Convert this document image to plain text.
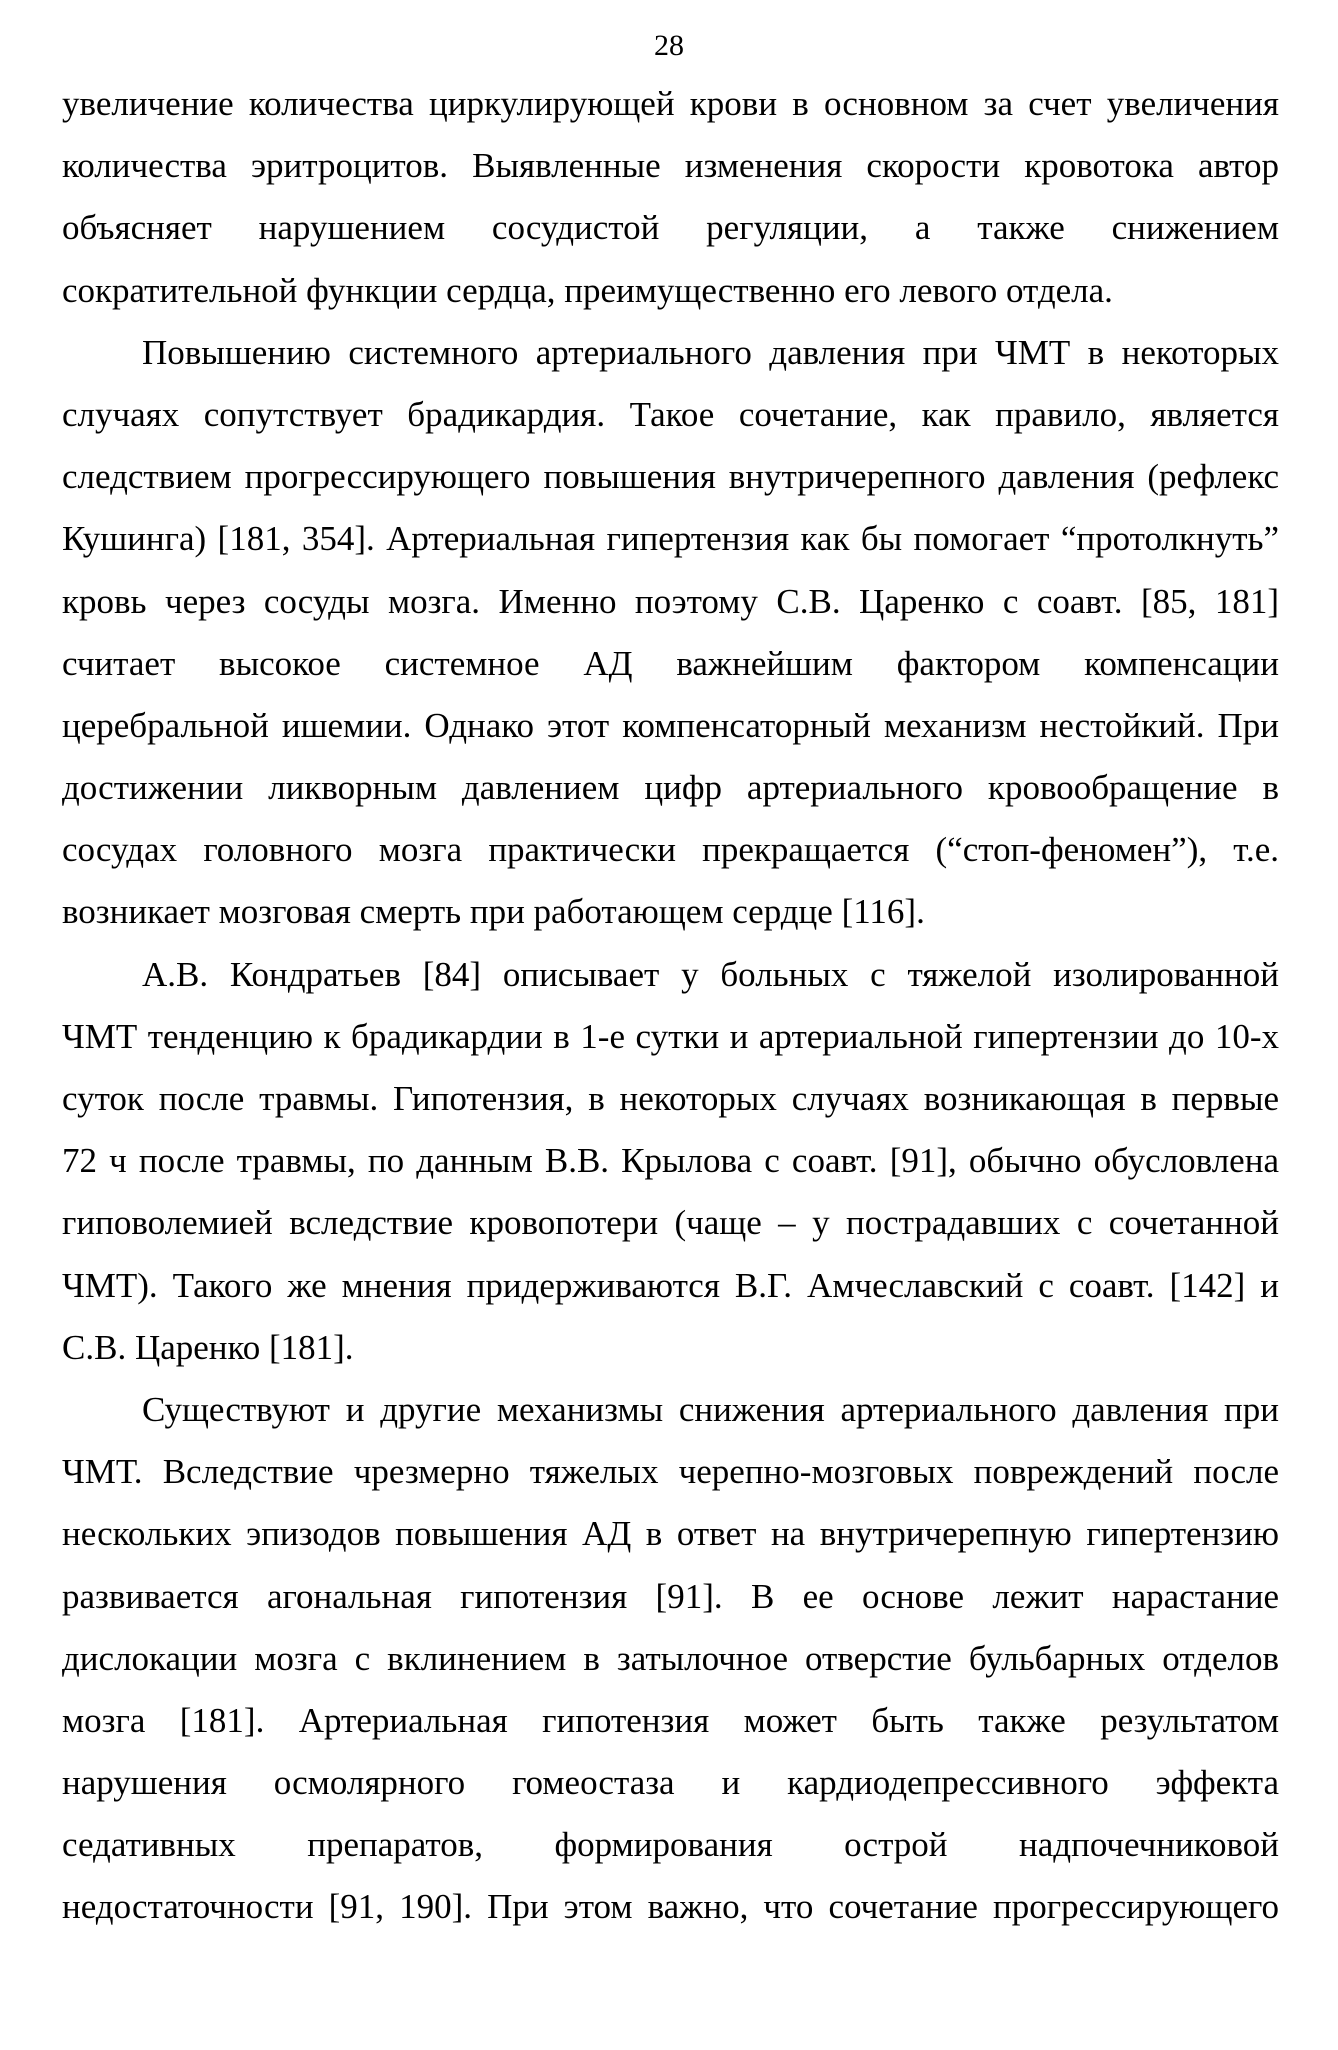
28
увеличение количества циркулирующей крови в основном за счет увеличения
количества эритроцитов. Выявленные изменения скорости кровотока автор
объясняет нарушением сосудистой регуляции, а также снижением
сократительной функции сердца, преимущественно его левого отдела.
Повышению системного артериального давления при ЧМТ в некоторых
случаях сопутствует брадикардия. Такое сочетание, как правило, является
следствием прогрессирующего повышения внутричерепного давления (рефлекс
Кушинга) [181, 354]. Артериальная гипертензия как бы помогает “протолкнуть”
кровь через сосуды мозга. Именно поэтому С.В. Царенко с соавт. [85, 181]
считает высокое системное АД важнейшим фактором компенсации
церебральной ишемии. Однако этот компенсаторный механизм нестойкий. При
достижении ликворным давлением цифр артериального кровообращение в
сосудах головного мозга практически прекращается (“стоп-феномен”), т.е.
возникает мозговая смерть при работающем сердце [116].
А.В. Кондратьев [84] описывает у больных с тяжелой изолированной
ЧМТ тенденцию к брадикардии в 1-е сутки и артериальной гипертензии до 10-х
суток после травмы. Гипотензия, в некоторых случаях возникающая в первые
72 ч после травмы, по данным В.В. Крылова с соавт. [91], обычно обусловлена
гиповолемией вследствие кровопотери (чаще – у пострадавших с сочетанной
ЧМТ). Такого же мнения придерживаются В.Г. Амчеславский с соавт. [142] и
С.В. Царенко [181].
Существуют и другие механизмы снижения артериального давления при
ЧМТ. Вследствие чрезмерно тяжелых черепно-мозговых повреждений после
нескольких эпизодов повышения АД в ответ на внутричерепную гипертензию
развивается агональная гипотензия [91]. В ее основе лежит нарастание
дислокации мозга с вклинением в затылочное отверстие бульбарных отделов
мозга [181]. Артериальная гипотензия может быть также результатом
нарушения осмолярного гомеостаза и кардиодепрессивного эффекта
седативных препаратов, формирования острой надпочечниковой
недостаточности [91, 190]. При этом важно, что сочетание прогрессирующего
